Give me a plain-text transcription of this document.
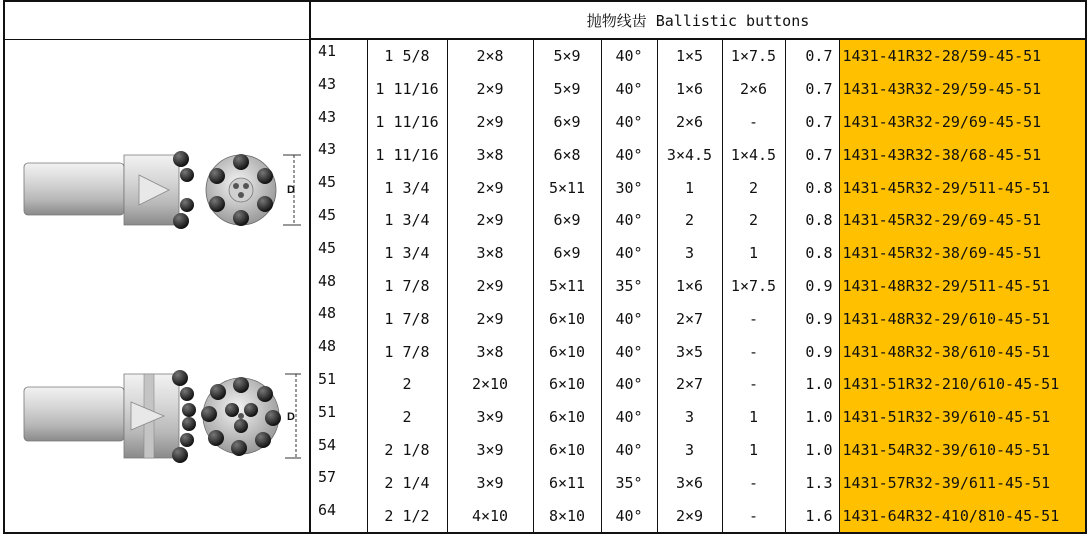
D
D
抛物线齿 Ballistic buttons
41	1 5/8	2×8	5×9	40°	1×5	1×7.5	0.7	1431-41R32-28/59-45-51
43	1 11/16	2×9	5×9	40°	1×6	2×6	0.7	1431-43R32-29/59-45-51
43	1 11/16	2×9	6×9	40°	2×6	-	0.7	1431-43R32-29/69-45-51
43	1 11/16	3×8	6×8	40°	3×4.5	1×4.5	0.7	1431-43R32-38/68-45-51
45	1 3/4	2×9	5×11	30°	1	2	0.8	1431-45R32-29/511-45-51
45	1 3/4	2×9	6×9	40°	2	2	0.8	1431-45R32-29/69-45-51
45	1 3/4	3×8	6×9	40°	3	1	0.8	1431-45R32-38/69-45-51
48	1 7/8	2×9	5×11	35°	1×6	1×7.5	0.9	1431-48R32-29/511-45-51
48	1 7/8	2×9	6×10	40°	2×7	-	0.9	1431-48R32-29/610-45-51
48	1 7/8	3×8	6×10	40°	3×5	-	0.9	1431-48R32-38/610-45-51
51	2	2×10	6×10	40°	2×7	-	1.0	1431-51R32-210/610-45-51
51	2	3×9	6×10	40°	3	1	1.0	1431-51R32-39/610-45-51
54	2 1/8	3×9	6×10	40°	3	1	1.0	1431-54R32-39/610-45-51
57	2 1/4	3×9	6×11	35°	3×6	-	1.3	1431-57R32-39/611-45-51
64	2 1/2	4×10	8×10	40°	2×9	-	1.6	1431-64R32-410/810-45-51
